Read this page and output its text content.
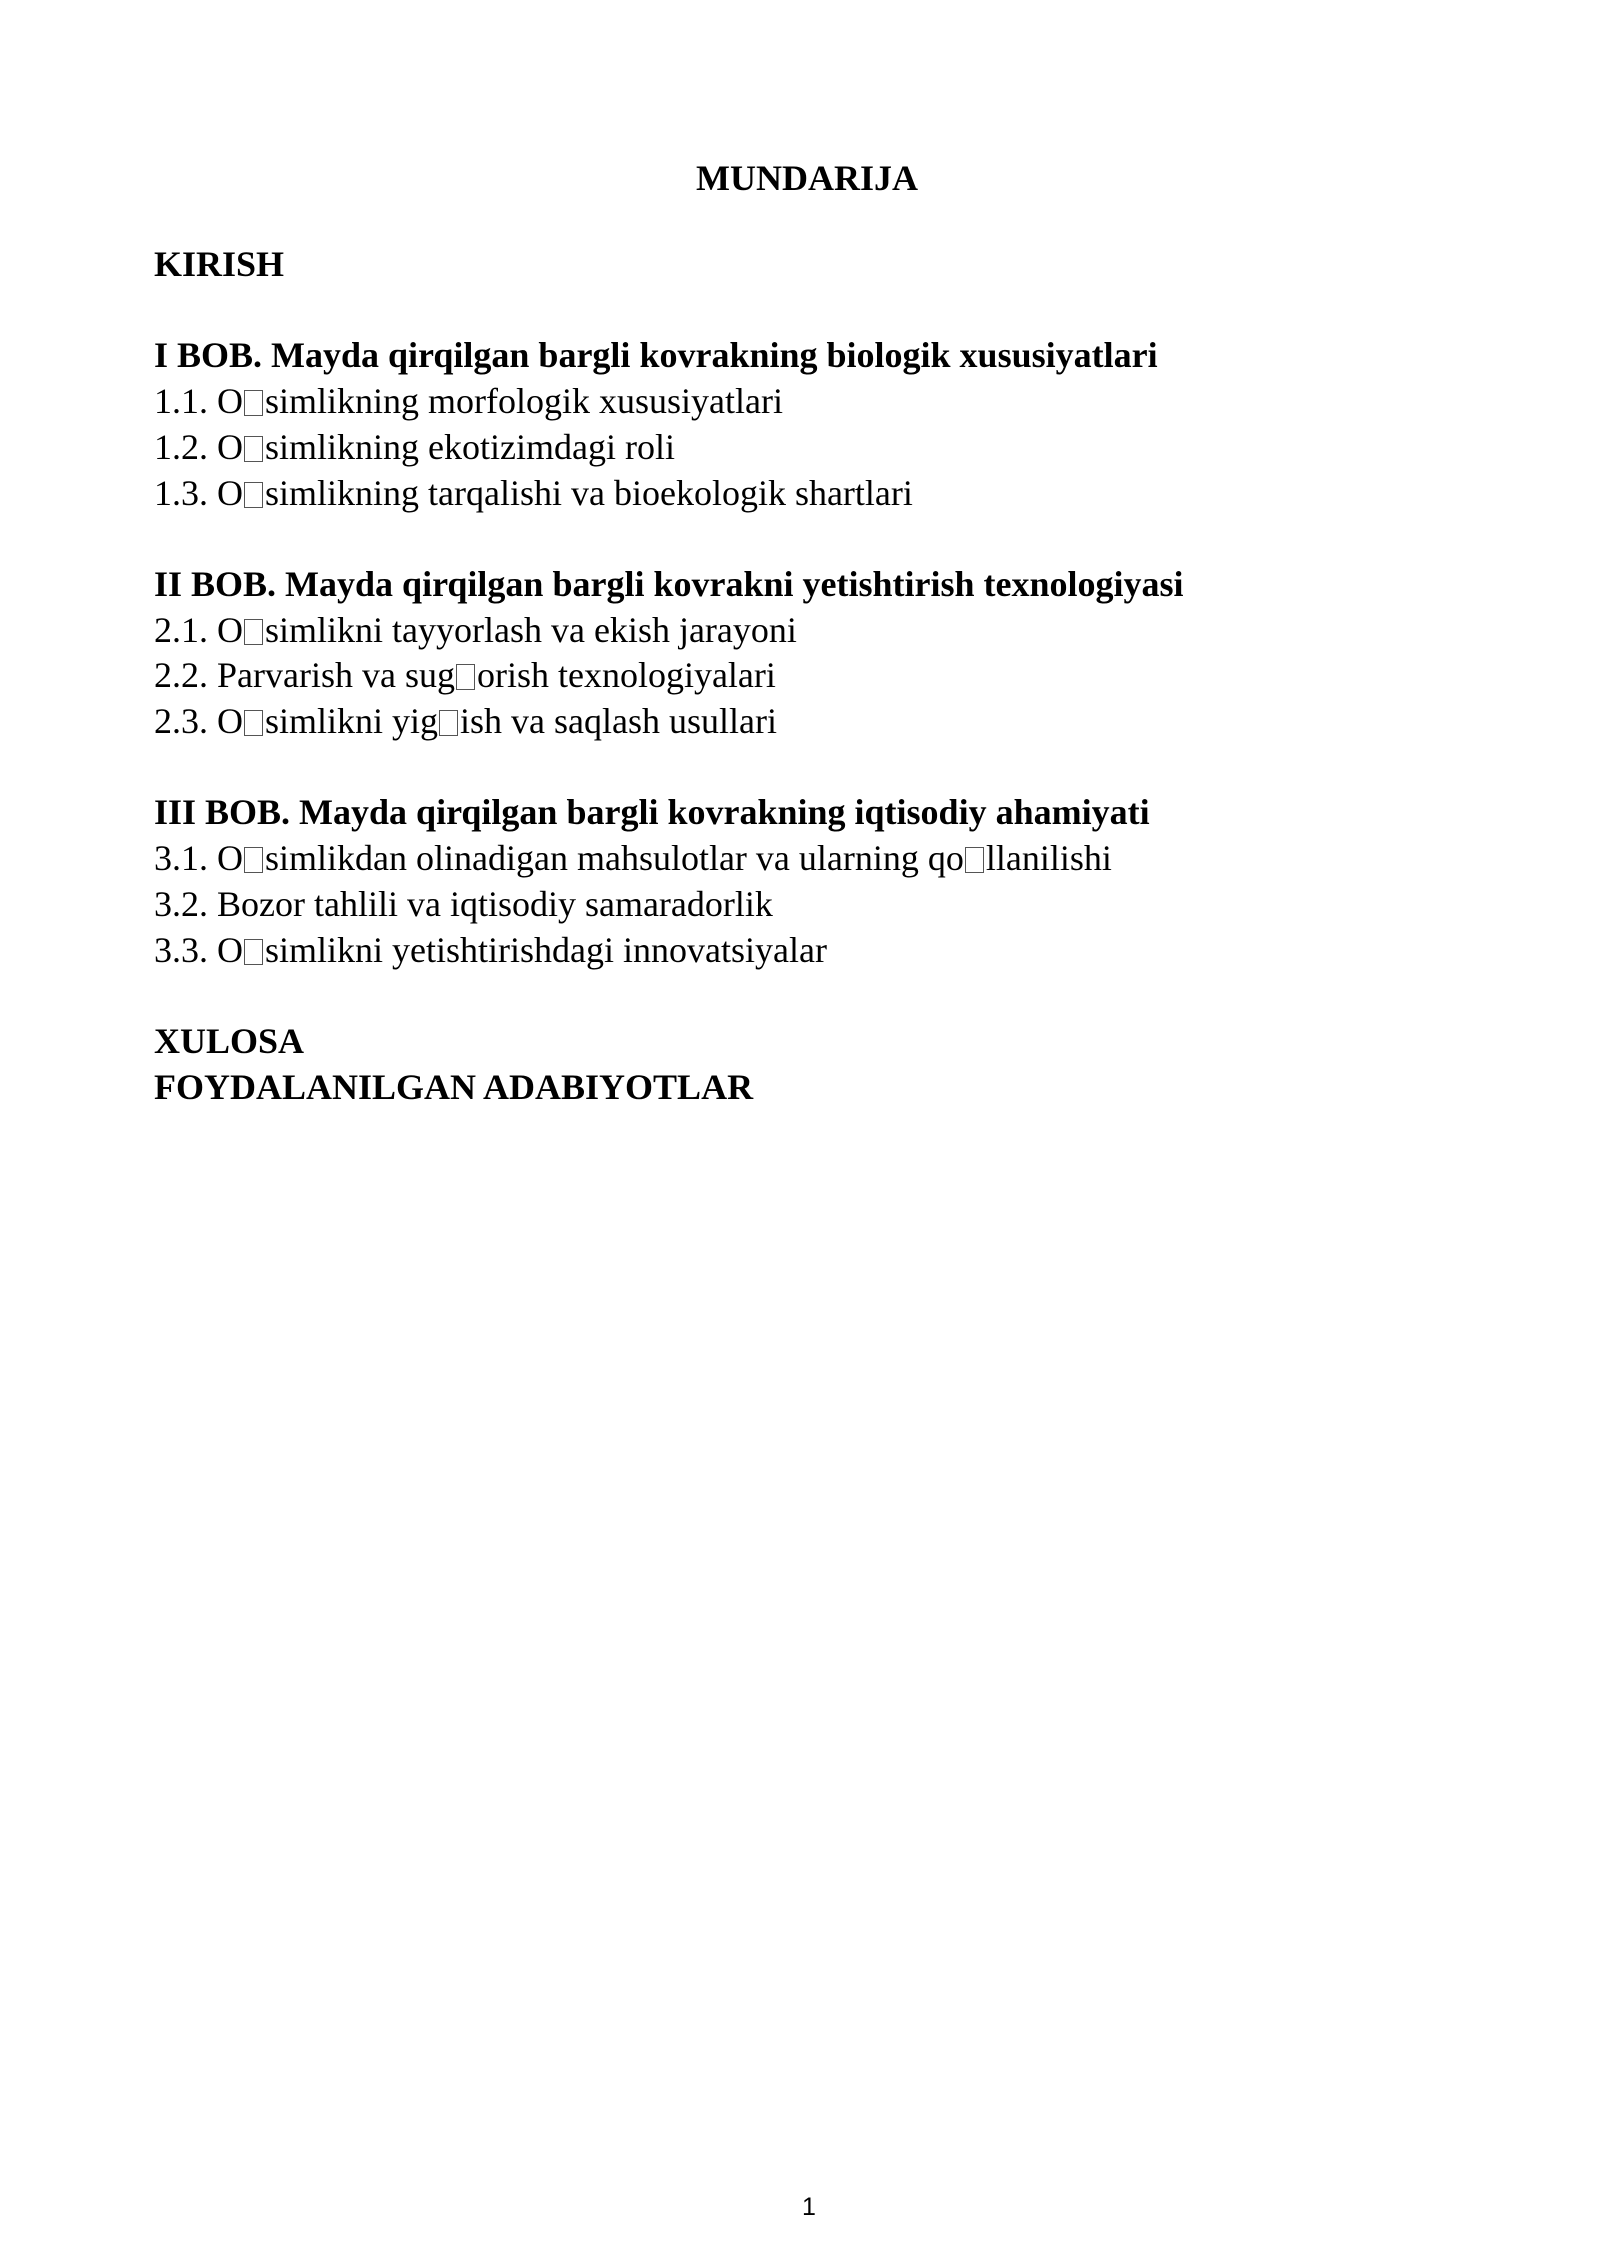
MUNDARIJA
KIRISH
I BOB. Mayda qirqilgan bargli kovrakning biologik xususiyatlari
1.1. O simlikning morfologik xususiyatlari
1.2. O simlikning ekotizimdagi roli
1.3. O simlikning tarqalishi va bioekologik shartlari
II BOB. Mayda qirqilgan bargli kovrakni yetishtirish texnologiyasi
2.1. O simlikni tayyorlash va ekish jarayoni
2.2. Parvarish va sug orish texnologiyalari
2.3. O simlikni yig ish va saqlash usullari
III BOB. Mayda qirqilgan bargli kovrakning iqtisodiy ahamiyati
3.1. O simlikdan olinadigan mahsulotlar va ularning qo llanilishi
3.2. Bozor tahlili va iqtisodiy samaradorlik
3.3. O simlikni yetishtirishdagi innovatsiyalar
XULOSA
FOYDALANILGAN ADABIYOTLAR
1
